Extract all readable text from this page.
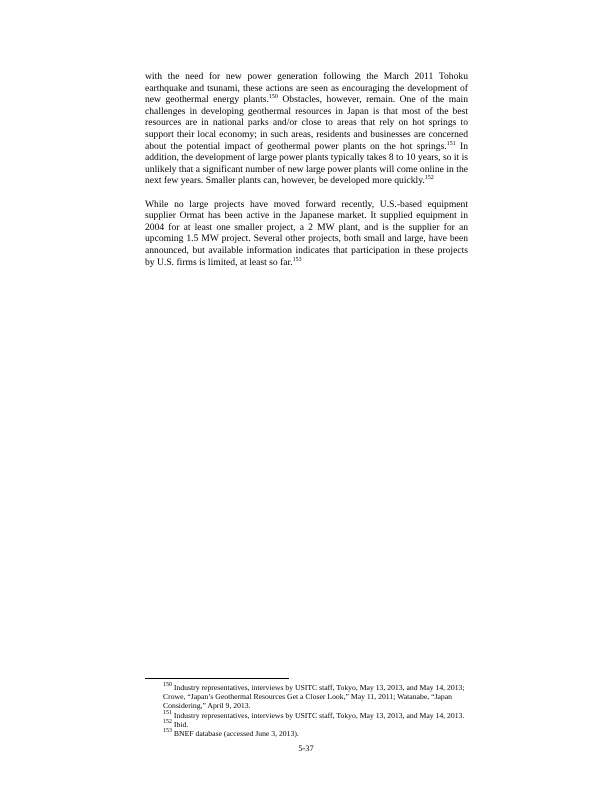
with the need for new power generation following the March 2011 Tohoku earthquake and tsunami, these actions are seen as encouraging the development of new geothermal energy plants.$^{150}$ Obstacles, however, remain. One of the main challenges in developing geothermal resources in Japan is that most of the best resources are in national parks and/or close to areas that rely on hot springs to support their local economy; in such areas, residents and businesses are concerned about the potential impact of geothermal power plants on the hot springs.$^{151}$ In addition, the development of large power plants typically takes 8 to 10 years, so it is unlikely that a significant number of new large power plants will come online in the next few years. Smaller plants can, however, be developed more quickly.$^{152}$

While no large projects have moved forward recently, U.S.-based equipment supplier Ormat has been active in the Japanese market. It supplied equipment in 2004 for at least one smaller project, a 2 MW plant, and is the supplier for an upcoming 1.5 MW project. Several other projects, both small and large, have been announced, but available information indicates that participation in these projects by U.S. firms is limited, at least so far.$^{153}$

$^{150}$ Industry representatives, interviews by USITC staff, Tokyo, May 13, 2013, and May 14, 2013; Crowe, “Japan’s Geothermal Resources Get a Closer Look,” May 11, 2011; Watanabe, “Japan Considering,” April 9, 2013.

$^{151}$ Industry representatives, interviews by USITC staff, Tokyo, May 13, 2013, and May 14, 2013.

$^{152}$ Ibid.

$^{153}$ BNEF database (accessed June 3, 2013).

5-37
